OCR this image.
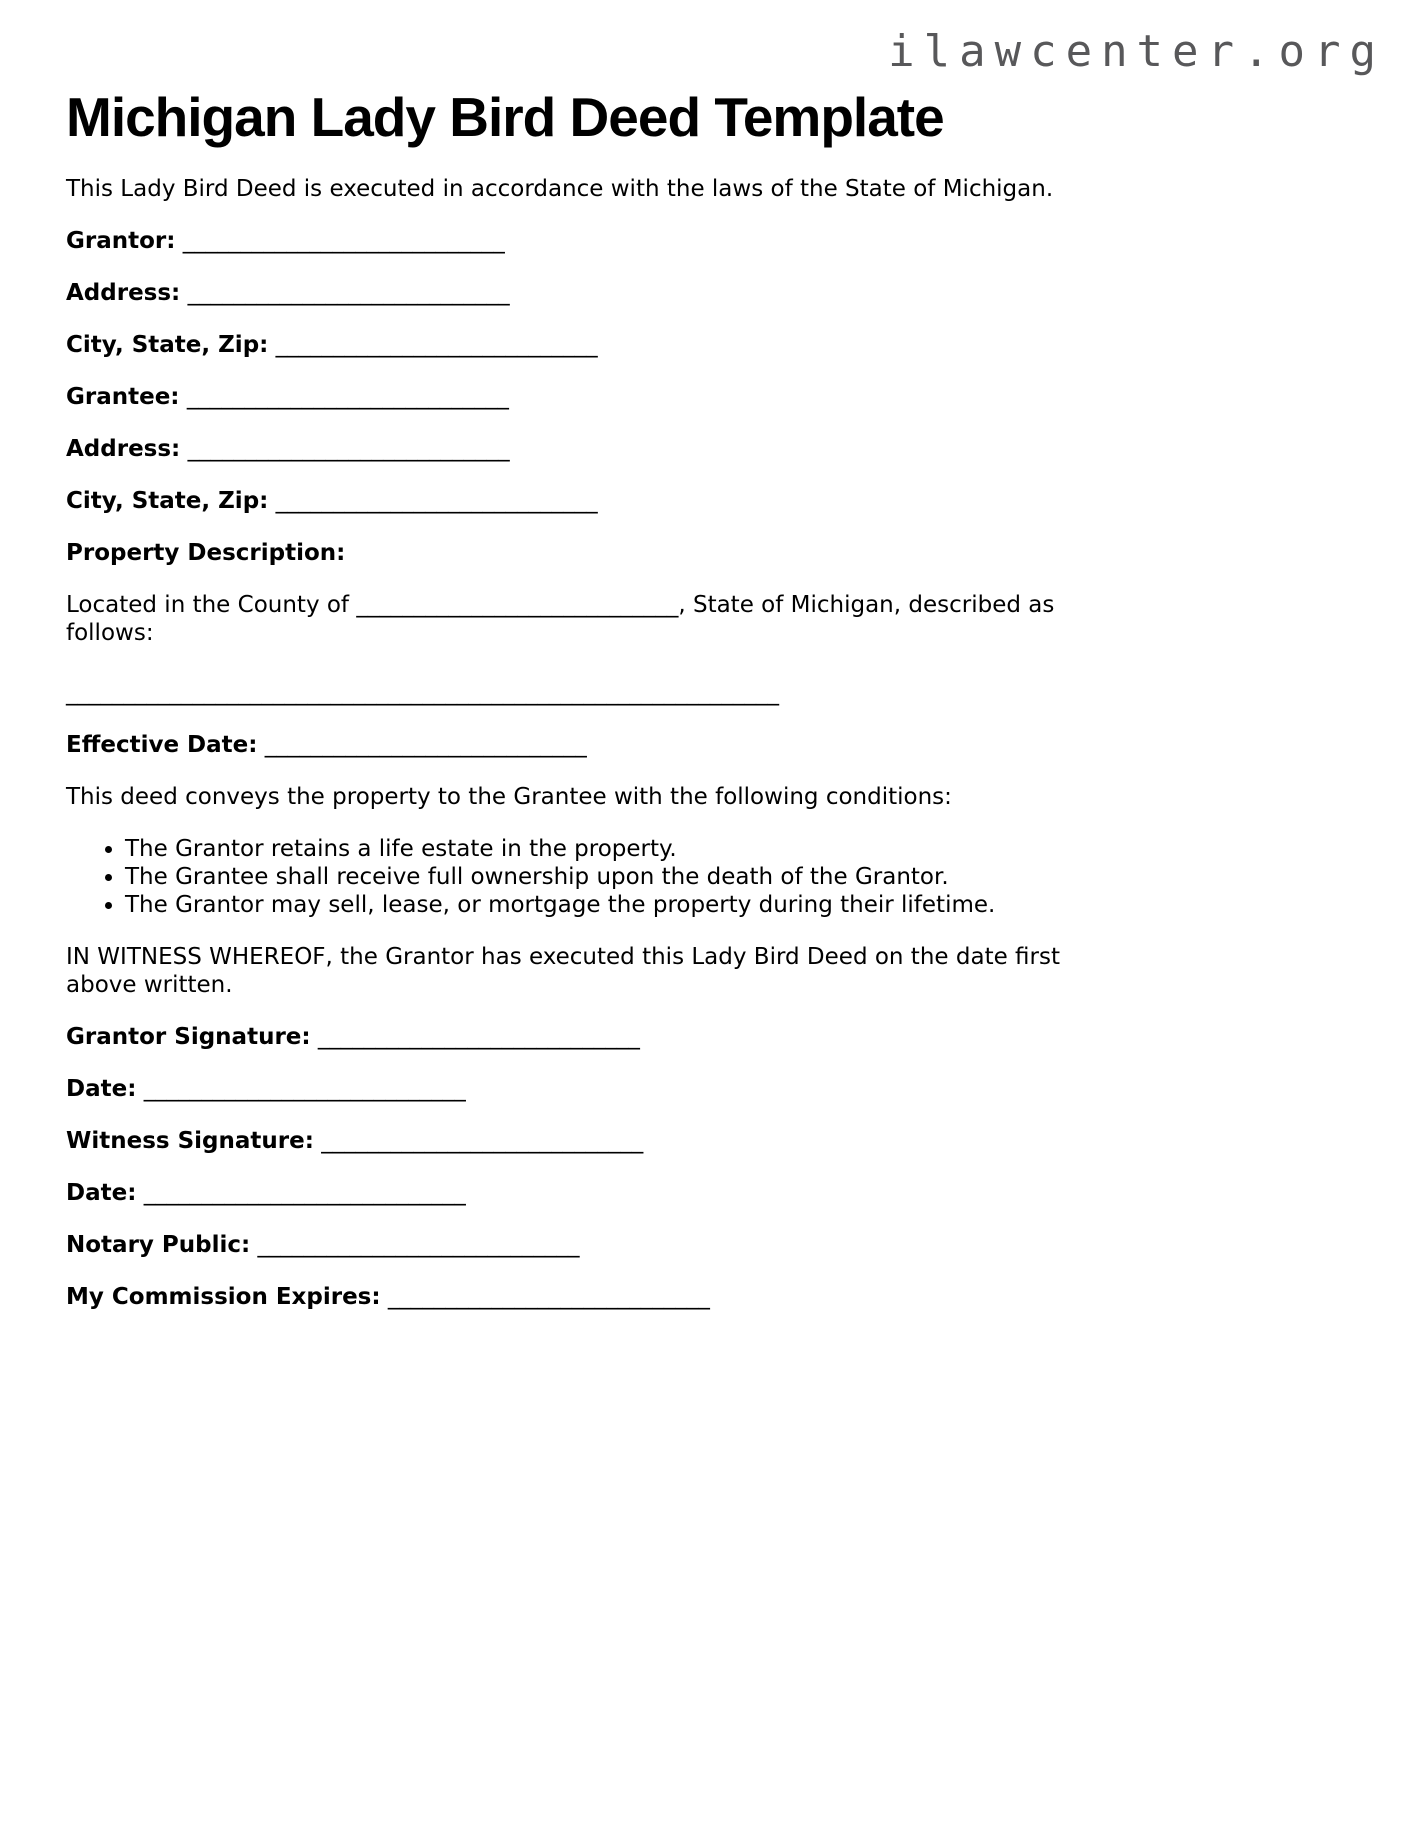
ilawcenter.org
Michigan Lady Bird Deed Template

This Lady Bird Deed is executed in accordance with the laws of the State of Michigan.

Grantor: ____________________________

Address: ____________________________

City, State, Zip: ____________________________

Grantee: ____________________________

Address: ____________________________

City, State, Zip: ____________________________

Property Description:

Located in the County of ____________________________, State of Michigan, described as
follows:

______________________________________________________________

Effective Date: ____________________________

This deed conveys the property to the Grantee with the following conditions:

• The Grantor retains a life estate in the property.
• The Grantee shall receive full ownership upon the death of the Grantor.
• The Grantor may sell, lease, or mortgage the property during their lifetime.

IN WITNESS WHEREOF, the Grantor has executed this Lady Bird Deed on the date first
above written.

Grantor Signature: ____________________________

Date: ____________________________

Witness Signature: ____________________________

Date: ____________________________

Notary Public: ____________________________

My Commission Expires: ____________________________
